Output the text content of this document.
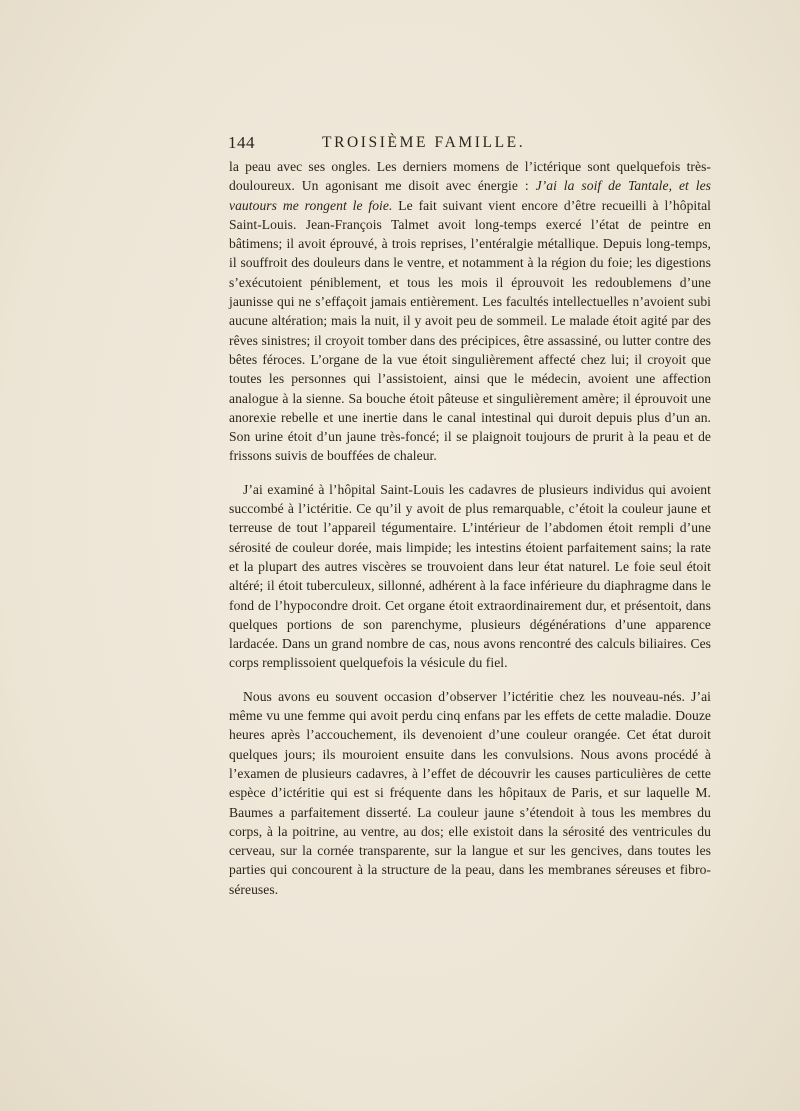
144	TROISIÈME FAMILLE.

la peau avec ses ongles. Les derniers momens de l’ictérique sont quelquefois très-douloureux. Un agonisant me disoit avec énergie : J’ai la soif de Tantale, et les vautours me rongent le foie. Le fait suivant vient encore d’être recueilli à l’hôpital Saint-Louis. Jean-François Talmet avoit long-temps exercé l’état de peintre en bâtimens; il avoit éprouvé, à trois reprises, l’entéralgie métallique. Depuis long-temps, il souffroit des douleurs dans le ventre, et notamment à la région du foie; les digestions s’exécutoient péniblement, et tous les mois il éprouvoit les redoublemens d’une jaunisse qui ne s’effaçoit jamais entièrement. Les facultés intellectuelles n’avoient subi aucune altération; mais la nuit, il y avoit peu de sommeil. Le malade étoit agité par des rêves sinistres; il croyoit tomber dans des précipices, être assassiné, ou lutter contre des bêtes féroces. L’organe de la vue étoit singulièrement affecté chez lui; il croyoit que toutes les personnes qui l’assistoient, ainsi que le médecin, avoient une affection analogue à la sienne. Sa bouche étoit pâteuse et singulièrement amère; il éprouvoit une anorexie rebelle et une inertie dans le canal intestinal qui duroit depuis plus d’un an. Son urine étoit d’un jaune très-foncé; il se plaignoit toujours de prurit à la peau et de frissons suivis de bouffées de chaleur.

J’ai examiné à l’hôpital Saint-Louis les cadavres de plusieurs individus qui avoient succombé à l’ictéritie. Ce qu’il y avoit de plus remarquable, c’étoit la couleur jaune et terreuse de tout l’appareil tégumentaire. L’intérieur de l’abdomen étoit rempli d’une sérosité de couleur dorée, mais limpide; les intestins étoient parfaitement sains; la rate et la plupart des autres viscères se trouvoient dans leur état naturel. Le foie seul étoit altéré; il étoit tuberculeux, sillonné, adhérent à la face inférieure du diaphragme dans le fond de l’hypocondre droit. Cet organe étoit extraordinairement dur, et présentoit, dans quelques portions de son parenchyme, plusieurs dégénérations d’une apparence lardacée. Dans un grand nombre de cas, nous avons rencontré des calculs biliaires. Ces corps remplissoient quelquefois la vésicule du fiel.

Nous avons eu souvent occasion d’observer l’ictéritie chez les nouveau-nés. J’ai même vu une femme qui avoit perdu cinq enfans par les effets de cette maladie. Douze heures après l’accouchement, ils devenoient d’une couleur orangée. Cet état duroit quelques jours; ils mouroient ensuite dans les convulsions. Nous avons procédé à l’examen de plusieurs cadavres, à l’effet de découvrir les causes particulières de cette espèce d’ictéritie qui est si fréquente dans les hôpitaux de Paris, et sur laquelle M. Baumes a parfaitement disserté. La couleur jaune s’étendoit à tous les membres du corps, à la poitrine, au ventre, au dos; elle existoit dans la sérosité des ventricules du cerveau, sur la cornée transparente, sur la langue et sur les gencives, dans toutes les parties qui concourent à la structure de la peau, dans les membranes séreuses et fibro-séreuses.
